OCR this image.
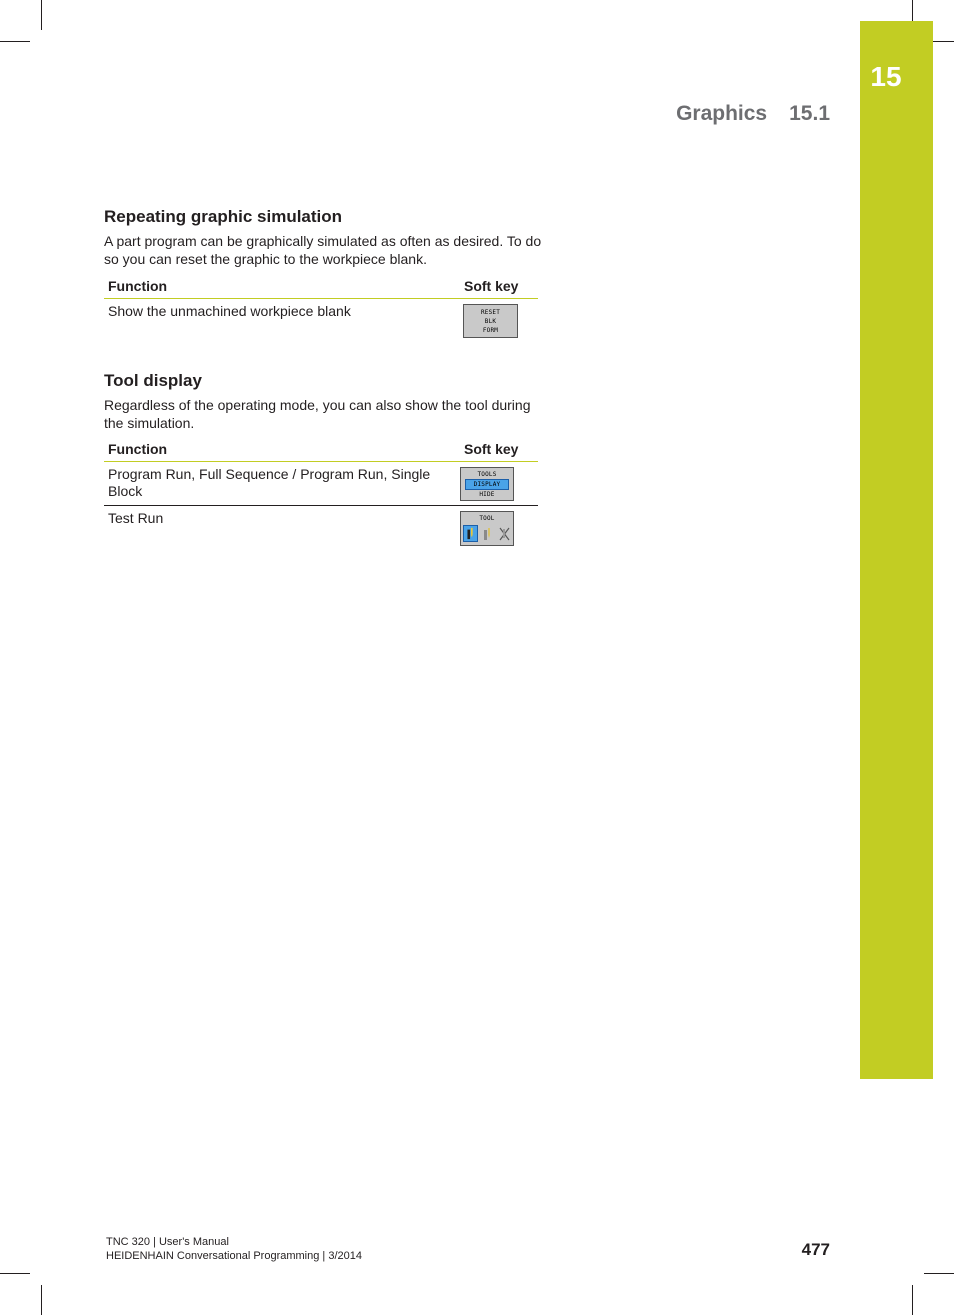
15
Graphics 15.1
Repeating graphic simulation

A part program can be graphically simulated as often as desired. To do so you can reset the graphic to the workpiece blank.

Function	Soft key
Show the unmachined workpiece blank	RESET
BLK
FORM
Tool display

Regardless of the operating mode, you can also show the tool during the simulation.

Function	Soft key
Program Run, Full Sequence / Program Run, Single Block	TOOLS
DISPLAY
HIDE

Test Run	TOOL
TNC 320 | User's Manual
HEIDENHAIN Conversational Programming | 3/2014	477
